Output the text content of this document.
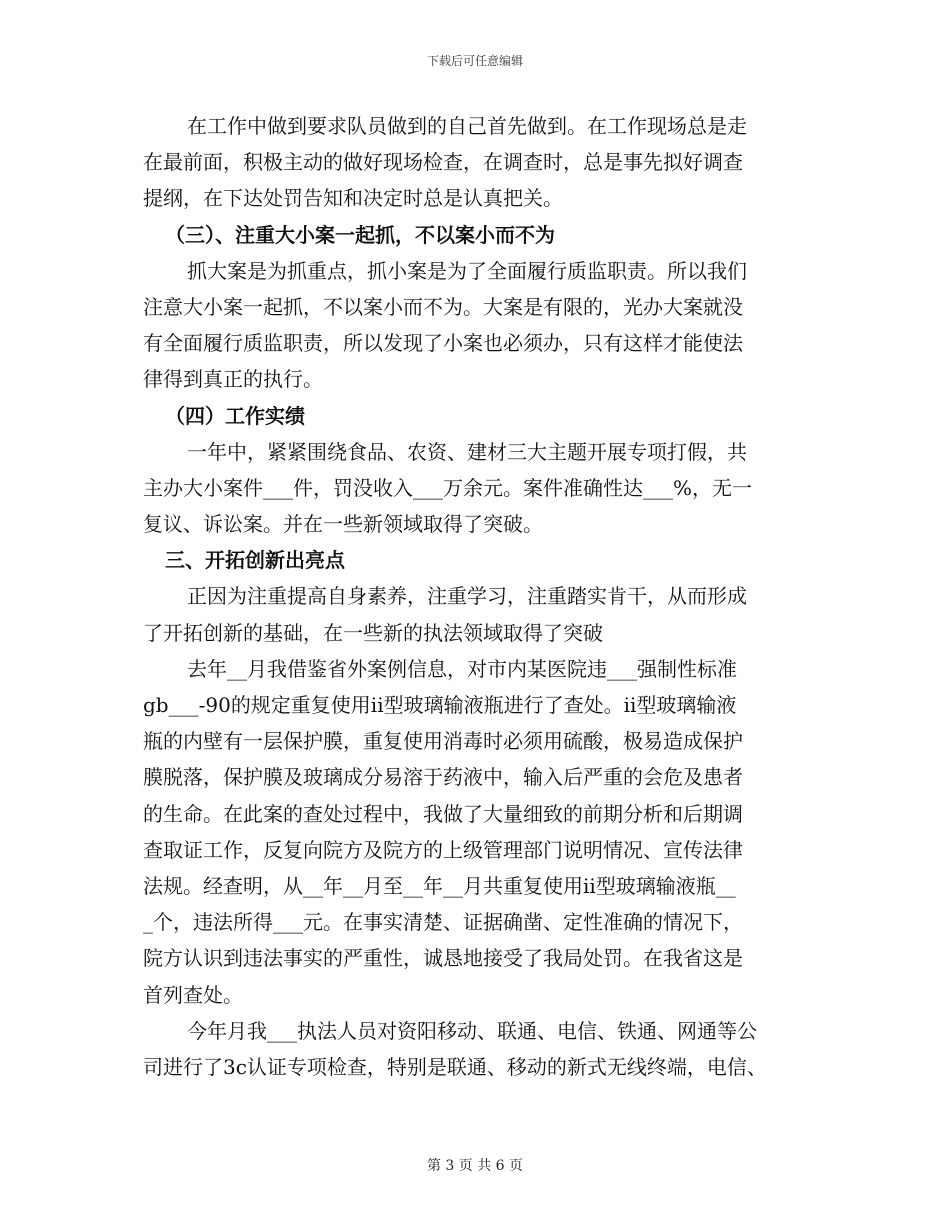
下载后可任意编辑
在工作中做到要求队员做到的自己首先做到。在工作现场总是走
在最前面，积极主动的做好现场检查，在调查时，总是事先拟好调查
提纲，在下达处罚告知和决定时总是认真把关。
（三）、注重大小案一起抓，不以案小而不为
抓大案是为抓重点，抓小案是为了全面履行质监职责。所以我们
注意大小案一起抓，不以案小而不为。大案是有限的，光办大案就没
有全面履行质监职责，所以发现了小案也必须办，只有这样才能使法
律得到真正的执行。
（四）工作实绩
一年中，紧紧围绕食品、农资、建材三大主题开展专项打假，共
主办大小案件___件，罚没收入___万余元。案件准确性达___%，无一
复议、诉讼案。并在一些新领域取得了突破。
三、开拓创新出亮点
正因为注重提高自身素养，注重学习，注重踏实肯干，从而形成
了开拓创新的基础，在一些新的执法领域取得了突破
去年__月我借鉴省外案例信息，对市内某医院违___强制性标准
gb___-90的规定重复使用ii型玻璃输液瓶进行了查处。ii型玻璃输液
瓶的内壁有一层保护膜，重复使用消毒时必须用硫酸，极易造成保护
膜脱落，保护膜及玻璃成分易溶于药液中，输入后严重的会危及患者
的生命。在此案的查处过程中，我做了大量细致的前期分析和后期调
查取证工作，反复向院方及院方的上级管理部门说明情况、宣传法律
法规。经查明，从__年__月至__年__月共重复使用ii型玻璃输液瓶__
_个，违法所得___元。在事实清楚、证据确凿、定性准确的情况下，
院方认识到违法事实的严重性，诚恳地接受了我局处罚。在我省这是
首列查处。
今年月我___执法人员对资阳移动、联通、电信、铁通、网通等公
司进行了3c认证专项检查，特别是联通、移动的新式无线终端，电信、
第 3 页 共 6 页
